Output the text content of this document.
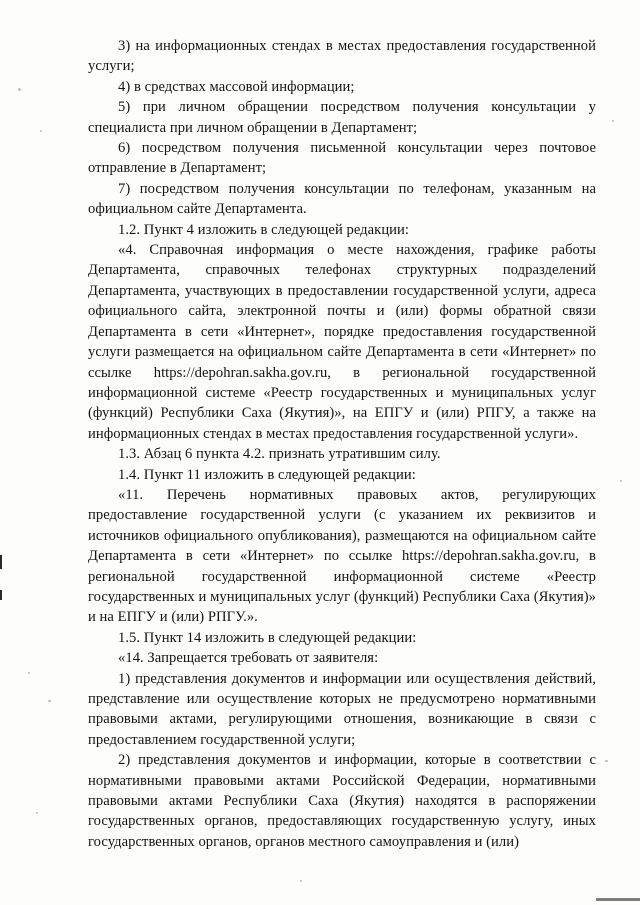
3) на информационных стендах в местах предоставления государственной услуги;

4) в средствах массовой информации;

5) при личном обращении посредством получения консультации у специалиста при личном обращении в Департамент;

6) посредством получения письменной консультации через почтовое отправление в Департамент;

7) посредством получения консультации по телефонам, указанным на официальном сайте Департамента.

1.2. Пункт 4 изложить в следующей редакции:

«4. Справочная информация о месте нахождения, графике работы Департамента, справочных телефонах структурных подразделений Департамента, участвующих в предоставлении государственной услуги, адреса официального сайта, электронной почты и (или) формы обратной связи Департамента в сети «Интернет», порядке предоставления государственной услуги размещается на официальном сайте Департамента в сети «Интернет» по ссылке https://depohran.sakha.gov.ru, в региональной государственной информационной системе «Реестр государственных и муниципальных услуг (функций) Республики Саха (Якутия)», на ЕПГУ и (или) РПГУ, а также на информационных стендах в местах предоставления государственной услуги».

1.3. Абзац 6 пункта 4.2. признать утратившим силу.

1.4. Пункт 11 изложить в следующей редакции:

«11. Перечень нормативных правовых актов, регулирующих предоставление государственной услуги (с указанием их реквизитов и источников официального опубликования), размещаются на официальном сайте Департамента в сети «Интернет» по ссылке https://depohran.sakha.gov.ru, в региональной государственной информационной системе «Реестр государственных и муниципальных услуг (функций) Республики Саха (Якутия)» и на ЕПГУ и (или) РПГУ.».

1.5. Пункт 14 изложить в следующей редакции:

«14. Запрещается требовать от заявителя:

1) представления документов и информации или осуществления действий, представление или осуществление которых не предусмотрено нормативными правовыми актами, регулирующими отношения, возникающие в связи с предоставлением государственной услуги;

2) представления документов и информации, которые в соответствии с нормативными правовыми актами Российской Федерации, нормативными правовыми актами Республики Саха (Якутия) находятся в распоряжении государственных органов, предоставляющих государственную услугу, иных государственных органов, органов местного самоуправления и (или)
